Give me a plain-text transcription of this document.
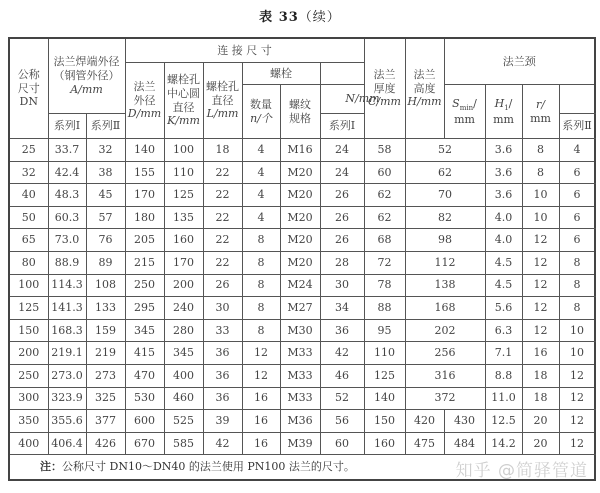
表 33（续）
公称
尺寸
DN

法兰焊端外径
（钢管外径）
A/mm
	连 接 尺 寸	
法兰
厚度
C/mm

法兰
高度
H/mm
	法兰颈

法兰
外径
D/mm

螺栓孔
中心圆
直径
K/mm

螺栓孔
直径
L/mm
	螺栓

数量
n/个

螺纹
规格
	N/mm	$S_{min}/$
mm

$H_1/$
mm

r/
mm

	系列Ⅰ	系列Ⅱ						系列Ⅰ						系列Ⅱ
25	33.7	32	140	100	18	4	M16	24	58	52		3.6	8	4
32	42.4	38	155	110	22	4	M20	24	60	62		3.6	8	6
40	48.3	45	170	125	22	4	M20	26	62	70		3.6	10	6
50	60.3	57	180	135	22	4	M20	26	62	82		4.0	10	6
65	73.0	76	205	160	22	8	M20	26	68	98		4.0	12	6
80	88.9	89	215	170	22	8	M20	28	72	112		4.5	12	8
100	114.3	108	250	200	26	8	M24	30	78	138		4.5	12	8
125	141.3	133	295	240	30	8	M27	34	88	168		5.6	12	8
150	168.3	159	345	280	33	8	M30	36	95	202		6.3	12	10
200	219.1	219	415	345	36	12	M33	42	110	256		7.1	16	10
250	273.0	273	470	400	36	12	M33	46	125	316		8.8	18	12
300	323.9	325	530	460	36	16	M33	52	140	372		11.0	18	12
350	355.6	377	600	525	39	16	M36	56	150	420	430	12.5	20	12
400	406.4	426	670	585	42	16	M39	60	160	475	484	14.2	20	12
注：公称尺寸 DN10～DN40 的法兰使用 PN100 法兰的尺寸。															知乎 @简驿管道
